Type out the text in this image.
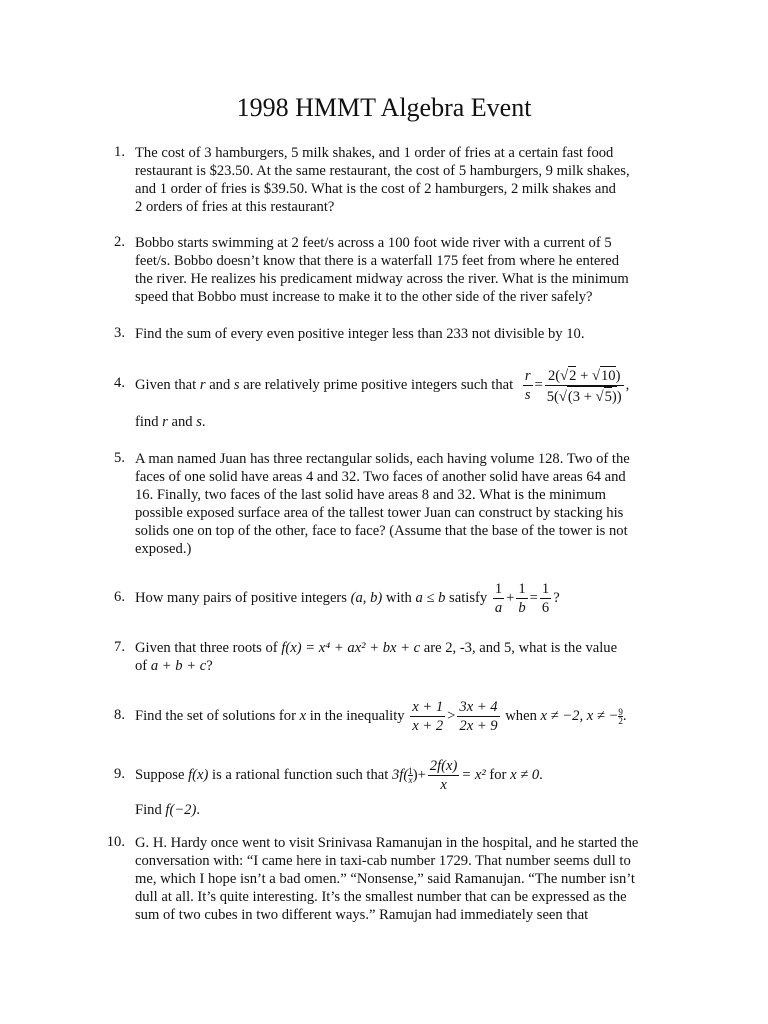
1998 HMMT Algebra Event
1. The cost of 3 hamburgers, 5 milk shakes, and 1 order of fries at a certain fast food
restaurant is $23.50. At the same restaurant, the cost of 5 hamburgers, 9 milk shakes,
and 1 order of fries is $39.50. What is the cost of 2 hamburgers, 2 milk shakes and
2 orders of fries at this restaurant?
2. Bobbo starts swimming at 2 feet/s across a 100 foot wide river with a current of 5
feet/s. Bobbo doesn’t know that there is a waterfall 175 feet from where he entered
the river. He realizes his predicament midway across the river. What is the minimum
speed that Bobbo must increase to make it to the other side of the river safely?
3. Find the sum of every even positive integer less than 233 not divisible by 10.
4. Given that r and s are relatively prime positive integers such that $\frac{r}{s} = \frac{2(√2 + √10)}{5(√(3 + √5))}$ ,
find r and s.
5. A man named Juan has three rectangular solids, each having volume 128. Two of the
faces of one solid have areas 4 and 32. Two faces of another solid have areas 64 and
16. Finally, two faces of the last solid have areas 8 and 32. What is the minimum
possible exposed surface area of the tallest tower Juan can construct by stacking his
solids one on top of the other, face to face? (Assume that the base of the tower is not
exposed.)
6. How many pairs of positive integers (a, b) with a ≤ b satisfy $\frac{1}{a} + \frac{1}{b} = \frac{1}{6}$ ?
7. Given that three roots of f(x) = x⁴ + ax² + bx + c are 2, -3, and 5, what is the value
of a + b + c?
8. Find the set of solutions for x in the inequality $\frac{x + 1}{x + 2} > \frac{3x + 4}{2x + 9}$ when x ≠ −2, x ≠ − $\frac{9}{2}$ .
9. Suppose f(x) is a rational function such that $3f( \frac{1}{x})+ \frac{2f(x)}{x} = x^2$ for x ≠ 0.
Find f(−2).
10. G. H. Hardy once went to visit Srinivasa Ramanujan in the hospital, and he started the
conversation with: “I came here in taxi-cab number 1729. That number seems dull to
me, which I hope isn’t a bad omen.” “Nonsense,” said Ramanujan. “The number isn’t
dull at all. It’s quite interesting. It’s the smallest number that can be expressed as the
sum of two cubes in two different ways.” Ramujan had immediately seen that
